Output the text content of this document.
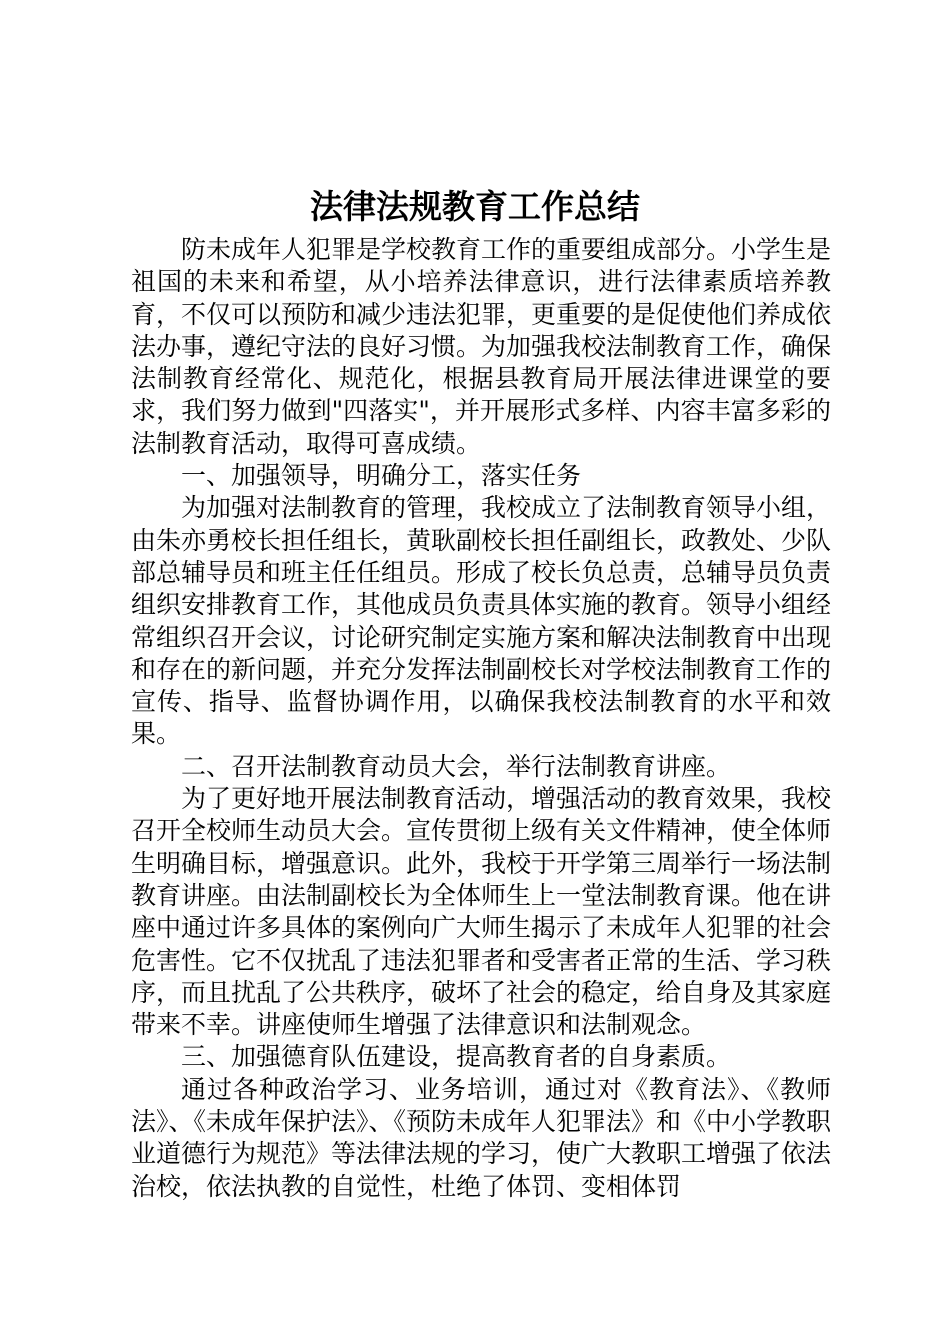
法律法规教育工作总结

防未成年人犯罪是学校教育工作的重要组成部分。小学生是祖国的未来和希望，从小培养法律意识，进行法律素质培养教育，不仅可以预防和减少违法犯罪，更重要的是促使他们养成依法办事，遵纪守法的良好习惯。为加强我校法制教育工作，确保法制教育经常化、规范化，根据县教育局开展法律进课堂的要求，我们努力做到"四落实"，并开展形式多样、内容丰富多彩的法制教育活动，取得可喜成绩。

一、加强领导，明确分工，落实任务

为加强对法制教育的管理，我校成立了法制教育领导小组，由朱亦勇校长担任组长，黄耿副校长担任副组长，政教处、少队部总辅导员和班主任任组员。形成了校长负总责，总辅导员负责组织安排教育工作，其他成员负责具体实施的教育。领导小组经常组织召开会议，讨论研究制定实施方案和解决法制教育中出现和存在的新问题，并充分发挥法制副校长对学校法制教育工作的宣传、指导、监督协调作用，以确保我校法制教育的水平和效果。

二、召开法制教育动员大会，举行法制教育讲座。

为了更好地开展法制教育活动，增强活动的教育效果，我校召开全校师生动员大会。宣传贯彻上级有关文件精神，使全体师生明确目标，增强意识。此外，我校于开学第三周举行一场法制教育讲座。由法制副校长为全体师生上一堂法制教育课。他在讲座中通过许多具体的案例向广大师生揭示了未成年人犯罪的社会危害性。它不仅扰乱了违法犯罪者和受害者正常的生活、学习秩序，而且扰乱了公共秩序，破坏了社会的稳定，给自身及其家庭带来不幸。讲座使师生增强了法律意识和法制观念。

三、加强德育队伍建设，提高教育者的自身素质。

通过各种政治学习、业务培训，通过对《教育法》、《教师法》、《未成年保护法》、《预防未成年人犯罪法》和《中小学教职业道德行为规范》等法律法规的学习，使广大教职工增强了依法治校，依法执教的自觉性，杜绝了体罚、变相体罚
